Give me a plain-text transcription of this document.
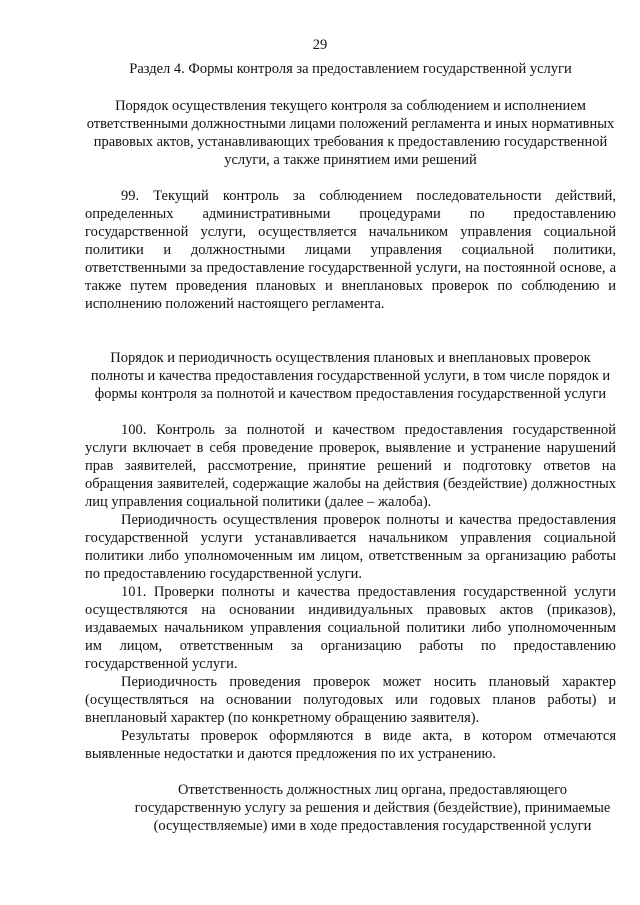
29
Раздел 4. Формы контроля за предоставлением государственной услуги
Порядок осуществления текущего контроля за соблюдением и исполнением ответственными должностными лицами положений регламента и иных нормативных правовых актов, устанавливающих требования к предоставлению государственной услуги, а также принятием ими решений

99. Текущий контроль за соблюдением последовательности действий, определенных административными процедурами по предоставлению государственной услуги, осуществляется начальником управления социальной политики и должностными лицами управления социальной политики, ответственными за предоставление государственной услуги, на постоянной основе, а также путем проведения плановых и внеплановых проверок по соблюдению и исполнению положений настоящего регламента.

Порядок и периодичность осуществления плановых и внеплановых проверок полноты и качества предоставления государственной услуги, в том числе порядок и формы контроля за полнотой и качеством предоставления государственной услуги

100. Контроль за полнотой и качеством предоставления государственной услуги включает в себя проведение проверок, выявление и устранение нарушений прав заявителей, рассмотрение, принятие решений и подготовку ответов на обращения заявителей, содержащие жалобы на действия (бездействие) должностных лиц управления социальной политики (далее – жалоба).

Периодичность осуществления проверок полноты и качества предоставления государственной услуги устанавливается начальником управления социальной политики либо уполномоченным им лицом, ответственным за организацию работы по предоставлению государственной услуги.

101. Проверки полноты и качества предоставления государственной услуги осуществляются на основании индивидуальных правовых актов (приказов), издаваемых начальником управления социальной политики либо уполномоченным им лицом, ответственным за организацию работы по предоставлению государственной услуги.

Периодичность проведения проверок может носить плановый характер (осуществляться на основании полугодовых или годовых планов работы) и внеплановый характер (по конкретному обращению заявителя).

Результаты проверок оформляются в виде акта, в котором отмечаются выявленные недостатки и даются предложения по их устранению.

Ответственность должностных лиц органа, предоставляющего государственную услугу за решения и действия (бездействие), принимаемые (осуществляемые) ими в ходе предоставления государственной услуги
